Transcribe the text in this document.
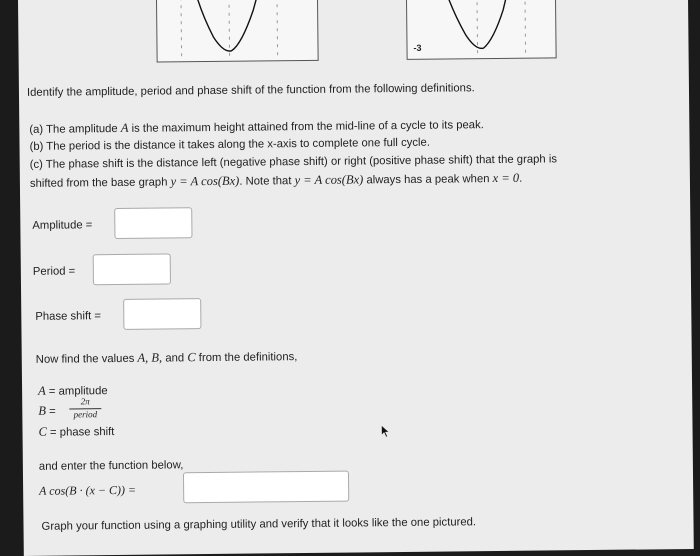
-3
Identify the amplitude, period and phase shift of the function from the following definitions.
(a) The amplitude A is the maximum height attained from the mid-line of a cycle to its peak.
(b) The period is the distance it takes along the x-axis to complete one full cycle.
(c) The phase shift is the distance left (negative phase shift) or right (positive phase shift) that the graph is
shifted from the base graph y = A cos(Bx). Note that y = A cos(Bx) always has a peak when x = 0.
Amplitude =
Period =
Phase shift =
Now find the values A, B, and C from the definitions,
A = amplitude
B =
2π
period
C = phase shift
and enter the function below,
A cos(B · (x − C)) =
Graph your function using a graphing utility and verify that it looks like the one pictured.
